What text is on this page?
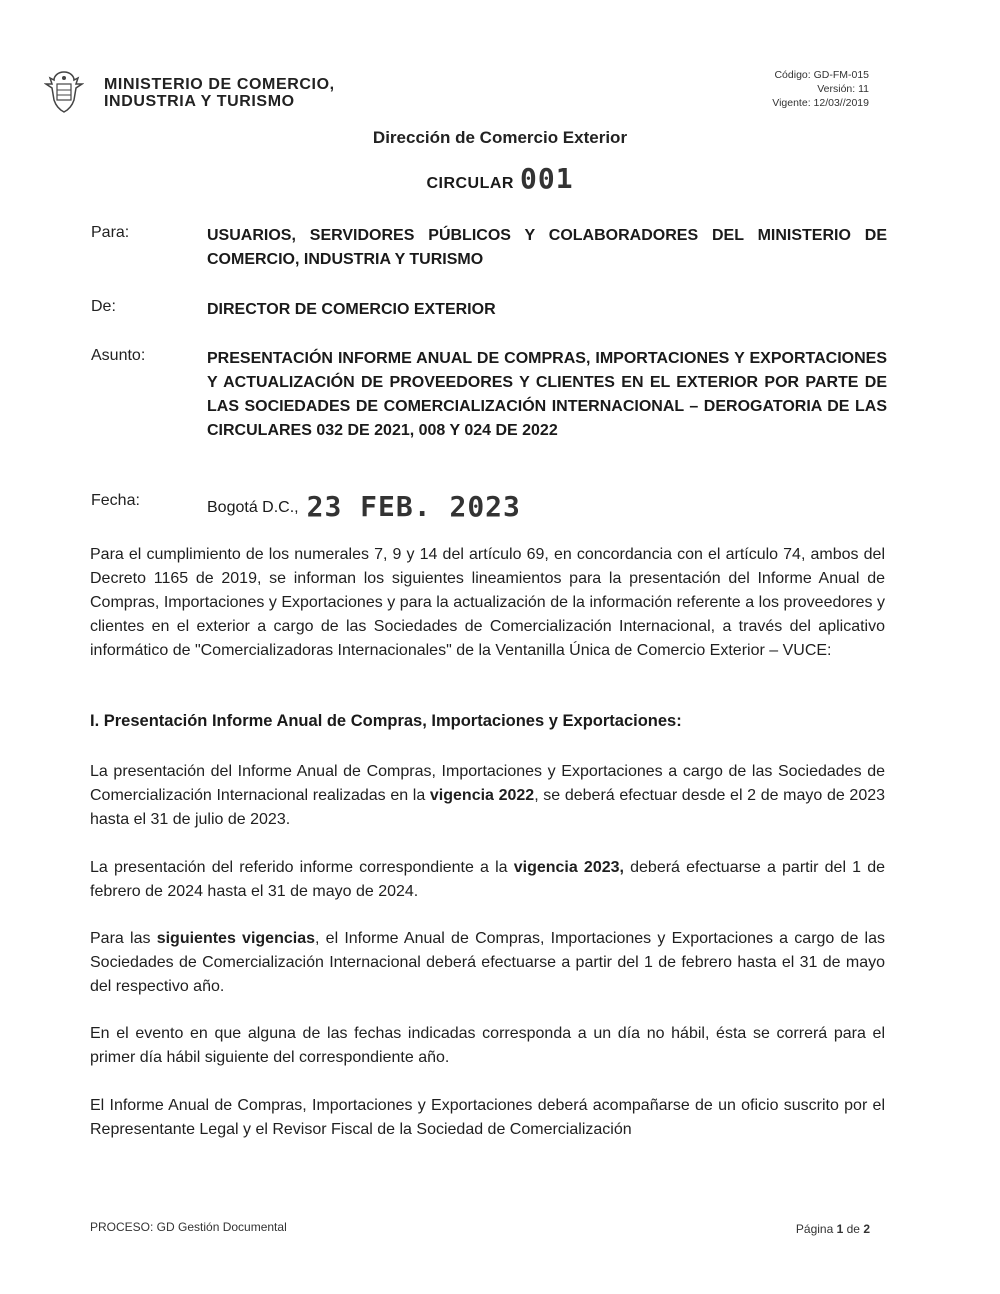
MINISTERIO DE COMERCIO,
INDUSTRIA Y TURISMO
Código: GD-FM-015
Versión: 11
Vigente: 12/03//2019
Dirección de Comercio Exterior
CIRCULAR 001
Para:	USUARIOS, SERVIDORES PÚBLICOS Y COLABORADORES DEL MINISTERIO DE COMERCIO, INDUSTRIA Y TURISMO
De:	DIRECTOR DE COMERCIO EXTERIOR
Asunto:	PRESENTACIÓN INFORME ANUAL DE COMPRAS, IMPORTACIONES Y EXPORTACIONES Y ACTUALIZACIÓN DE PROVEEDORES Y CLIENTES EN EL EXTERIOR POR PARTE DE LAS SOCIEDADES DE COMERCIALIZACIÓN INTERNACIONAL – DEROGATORIA DE LAS CIRCULARES 032 DE 2021, 008 Y 024 DE 2022
Fecha:	Bogotá D.C., 23 FEB. 2023
Para el cumplimiento de los numerales 7, 9 y 14 del artículo 69, en concordancia con el artículo 74, ambos del Decreto 1165 de 2019, se informan los siguientes lineamientos para la presentación del Informe Anual de Compras, Importaciones y Exportaciones y para la actualización de la información referente a los proveedores y clientes en el exterior a cargo de las Sociedades de Comercialización Internacional, a través del aplicativo informático de "Comercializadoras Internacionales" de la Ventanilla Única de Comercio Exterior – VUCE:
I. Presentación Informe Anual de Compras, Importaciones y Exportaciones:
La presentación del Informe Anual de Compras, Importaciones y Exportaciones a cargo de las Sociedades de Comercialización Internacional realizadas en la vigencia 2022, se deberá efectuar desde el 2 de mayo de 2023 hasta el 31 de julio de 2023.
La presentación del referido informe correspondiente a la vigencia 2023, deberá efectuarse a partir del 1 de febrero de 2024 hasta el 31 de mayo de 2024.
Para las siguientes vigencias, el Informe Anual de Compras, Importaciones y Exportaciones a cargo de las Sociedades de Comercialización Internacional deberá efectuarse a partir del 1 de febrero hasta el 31 de mayo del respectivo año.
En el evento en que alguna de las fechas indicadas corresponda a un día no hábil, ésta se correrá para el primer día hábil siguiente del correspondiente año.
El Informe Anual de Compras, Importaciones y Exportaciones deberá acompañarse de un oficio suscrito por el Representante Legal y el Revisor Fiscal de la Sociedad de Comercialización
PROCESO: GD Gestión Documental	Página 1 de 2
